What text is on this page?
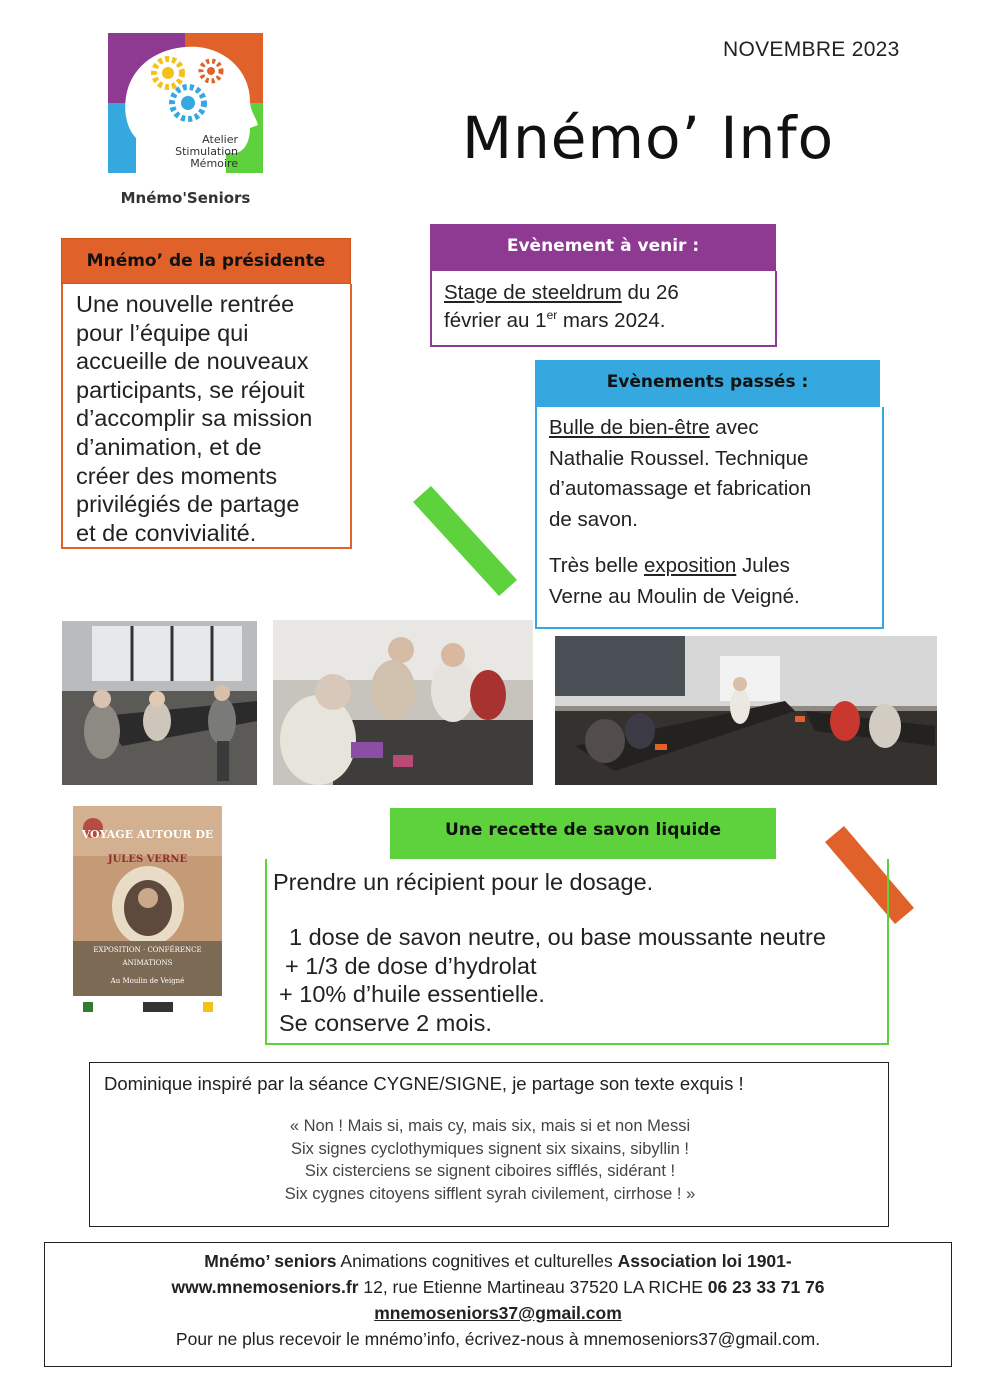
Atelier
Stimulation
Mémoire
Mnémo'Seniors
NOVEMBRE 2023
Mnémo’ Info
Mnémo’ de la présidente
Une nouvelle rentrée
pour l’équipe qui
accueille de nouveaux
participants, se réjouit
d’accomplir sa mission
d’animation, et de
créer des moments
privilégiés de partage
et de convivialité.
Evènement à venir :
Stage de steeldrum du 26
février au 1er mars 2024.
Evènements passés :

Bulle de bien-être avec
Nathalie Roussel. Technique
d’automassage et fabrication
de savon.

Très belle exposition Jules
Verne au Moulin de Veigné.

VOYAGE AUTOUR DE
JULES VERNE
EXPOSITION · CONFÉRENCE
ANIMATIONS
Au Moulin de Veigné
Une recette de savon liquide
Prendre un récipient pour le dosage.
1 dose de savon neutre, ou base moussante neutre
+ 1/3 de dose d’hydrolat
+ 10% d’huile essentielle.
Se conserve 2 mois.
Dominique inspiré par la séance CYGNE/SIGNE, je partage son texte exquis !
« Non ! Mais si, mais cy, mais six, mais si et non Messi
Six signes cyclothymiques signent six sixains, sibyllin !
Six cisterciens se signent ciboires sifflés, sidérant !
Six cygnes citoyens sifflent syrah civilement, cirrhose ! »
Mnémo’ seniors Animations cognitives et culturelles Association loi 1901-
www.mnemoseniors.fr 12, rue Etienne Martineau 37520 LA RICHE 06 23 33 71 76
mnemoseniors37@gmail.com
Pour ne plus recevoir le mnémo’info, écrivez-nous à mnemoseniors37@gmail.com.
